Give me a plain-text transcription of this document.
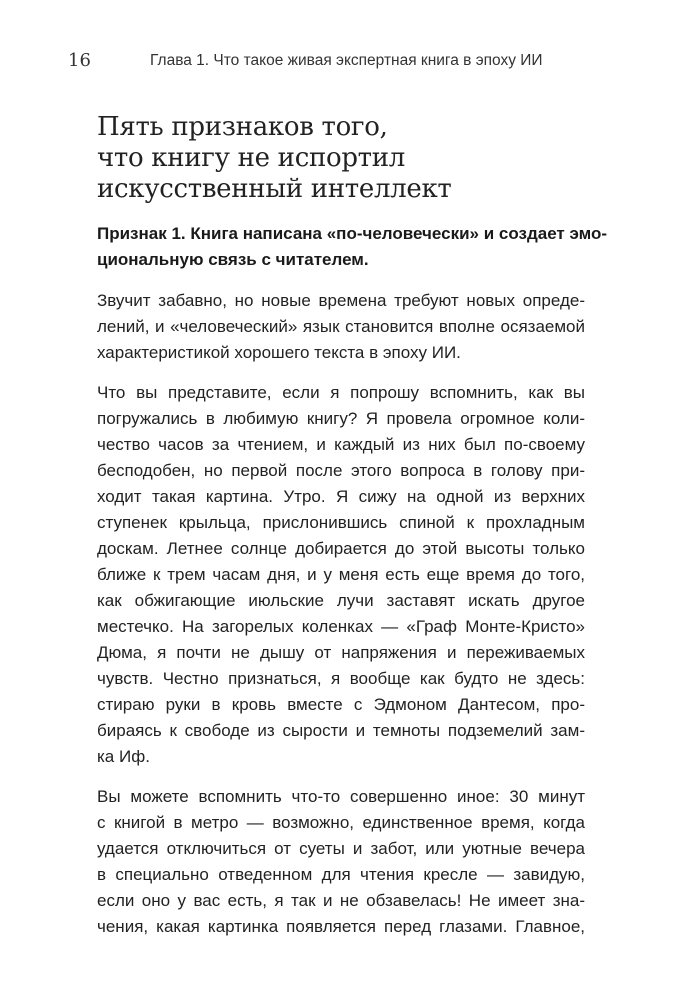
16	Глава 1. Что такое живая экспертная книга в эпоху ИИ
Пять признаков того,
что книгу не испортил
искусственный интеллект
Признак 1. Книга написана «по-человечески» и создает эмо-
циональную связь с читателем.
Звучит забавно, но новые времена требуют новых опреде-
лений, и «человеческий» язык становится вполне осязаемой
характеристикой хорошего текста в эпоху ИИ.
Что вы представите, если я попрошу вспомнить, как вы
погружались в любимую книгу? Я провела огромное коли-
чество часов за чтением, и каждый из них был по-своему
бесподобен, но первой после этого вопроса в голову при-
ходит такая картина. Утро. Я сижу на одной из верхних
ступенек крыльца, прислонившись спиной к прохладным
доскам. Летнее солнце добирается до этой высоты только
ближе к трем часам дня, и у меня есть еще время до того,
как обжигающие июльские лучи заставят искать другое
местечко. На загорелых коленках — «Граф Монте-Кристо»
Дюма, я почти не дышу от напряжения и переживаемых
чувств. Честно признаться, я вообще как будто не здесь:
стираю руки в кровь вместе с Эдмоном Дантесом, про-
бираясь к свободе из сырости и темноты подземелий зам-
ка Иф.
Вы можете вспомнить что-то совершенно иное: 30 минут
с книгой в метро — возможно, единственное время, когда
удается отключиться от суеты и забот, или уютные вечера
в специально отведенном для чтения кресле — завидую,
если оно у вас есть, я так и не обзавелась! Не имеет зна-
чения, какая картинка появляется перед глазами. Главное,
